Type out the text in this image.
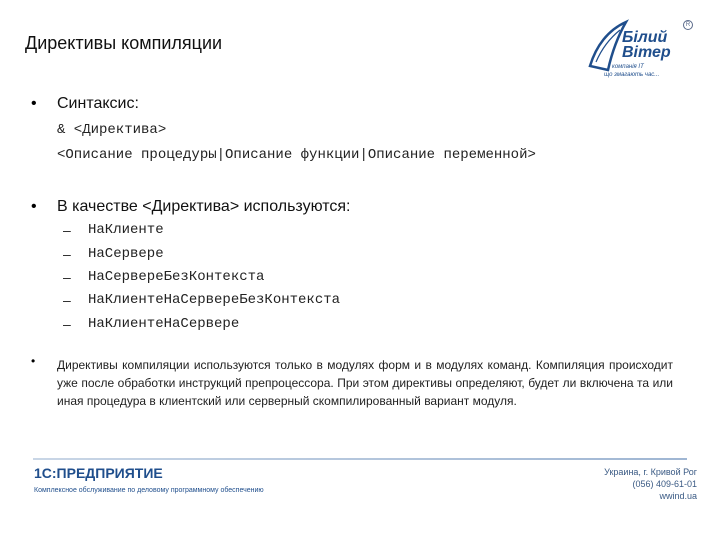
Директивы компиляции
R
Білий
Вітер
компанія IT
що змагають час...
• Синтаксис:
& <Директива>
<Описание процедуры|Описание функции|Описание переменной>
• В качестве <Директива> используются:
– НаКлиенте
– НаСервере
– НаСервереБезКонтекста
– НаКлиентеНаСервереБезКонтекста
– НаКлиентеНаСервере
• Директивы компиляции используются только в модулях форм и в модулях команд. Компиляция происходит уже после обработки инструкций препроцессора. При этом директивы определяют, будет ли включена та или иная процедура в клиентский или серверный скомпилированный вариант модуля.
1С:ПРЕДПРИЯТИЕ
Комплексное обслуживание по деловому программному обеспечению
Украина, г. Кривой Рог
(056) 409-61-01
wwind.ua
